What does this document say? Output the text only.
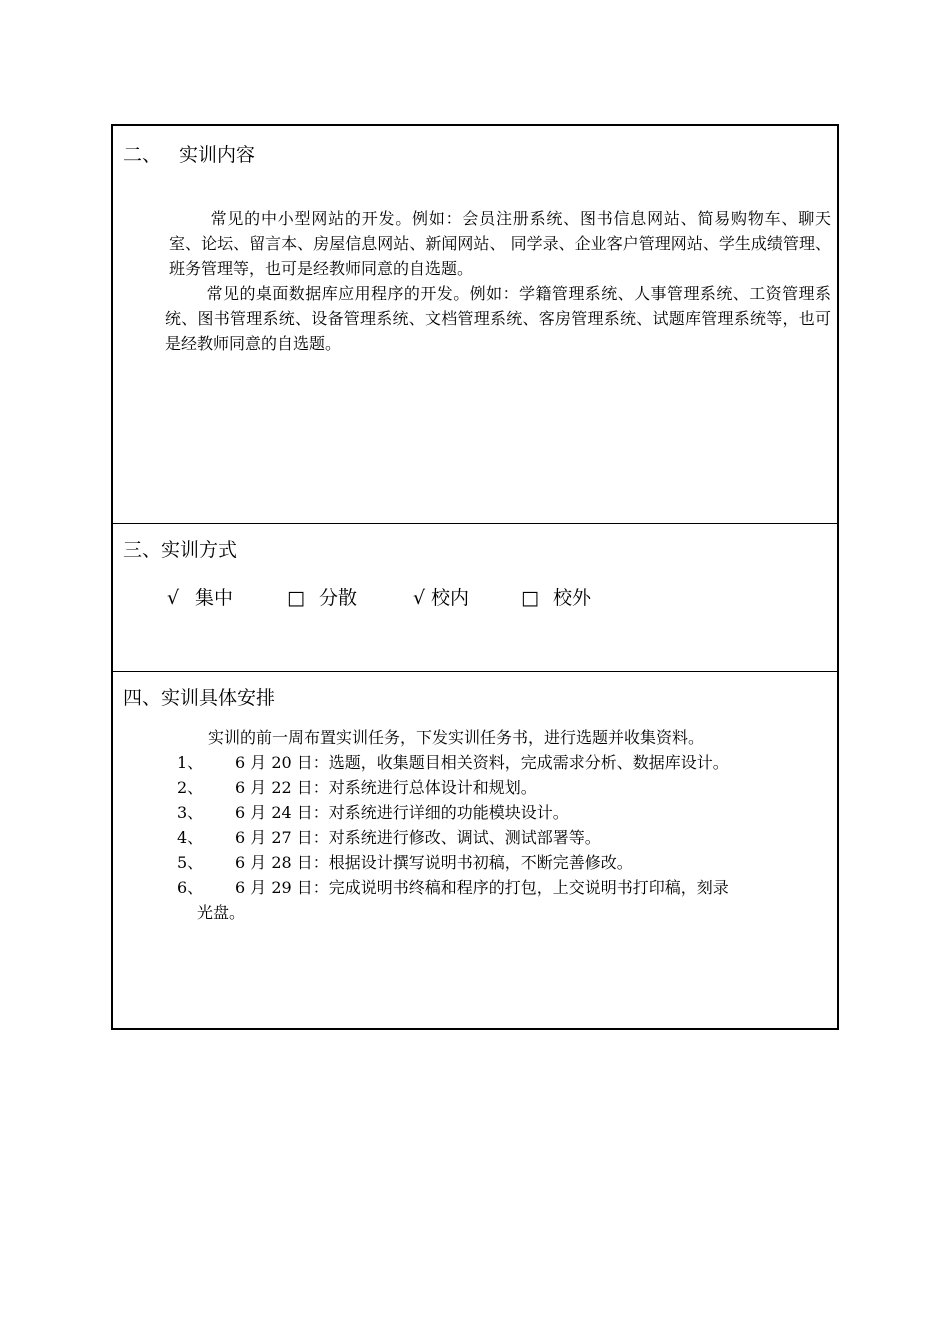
二、 实训内容

常见的中小型网站的开发。例如：会员注册系统、图书信息网站、简易购物车、聊天室、论坛、留言本、房屋信息网站、新闻网站、 同学录、企业客户管理网站、学生成绩管理、班务管理等，也可是经教师同意的自选题。

常见的桌面数据库应用程序的开发。例如：学籍管理系统、人事管理系统、工资管理系统、图书管理系统、设备管理系统、文档管理系统、客房管理系统、试题库管理系统等，也可是经教师同意的自选题。

三、实训方式
√ 集中	□ 分散	√ 校内	□ 校外
四、实训具体安排
实训的前一周布置实训任务，下发实训任务书，进行选题并收集资料。
1、	6 月 20 日：选题，收集题目相关资料，完成需求分析、数据库设计。
2、	6 月 22 日：对系统进行总体设计和规划。
3、	6 月 24 日：对系统进行详细的功能模块设计。
4、	6 月 27 日：对系统进行修改、调试、测试部署等。
5、	6 月 28 日：根据设计撰写说明书初稿，不断完善修改。
6、 6 月 29 日：完成说明书终稿和程序的打包，上交说明书打印稿，刻录
光盘。
